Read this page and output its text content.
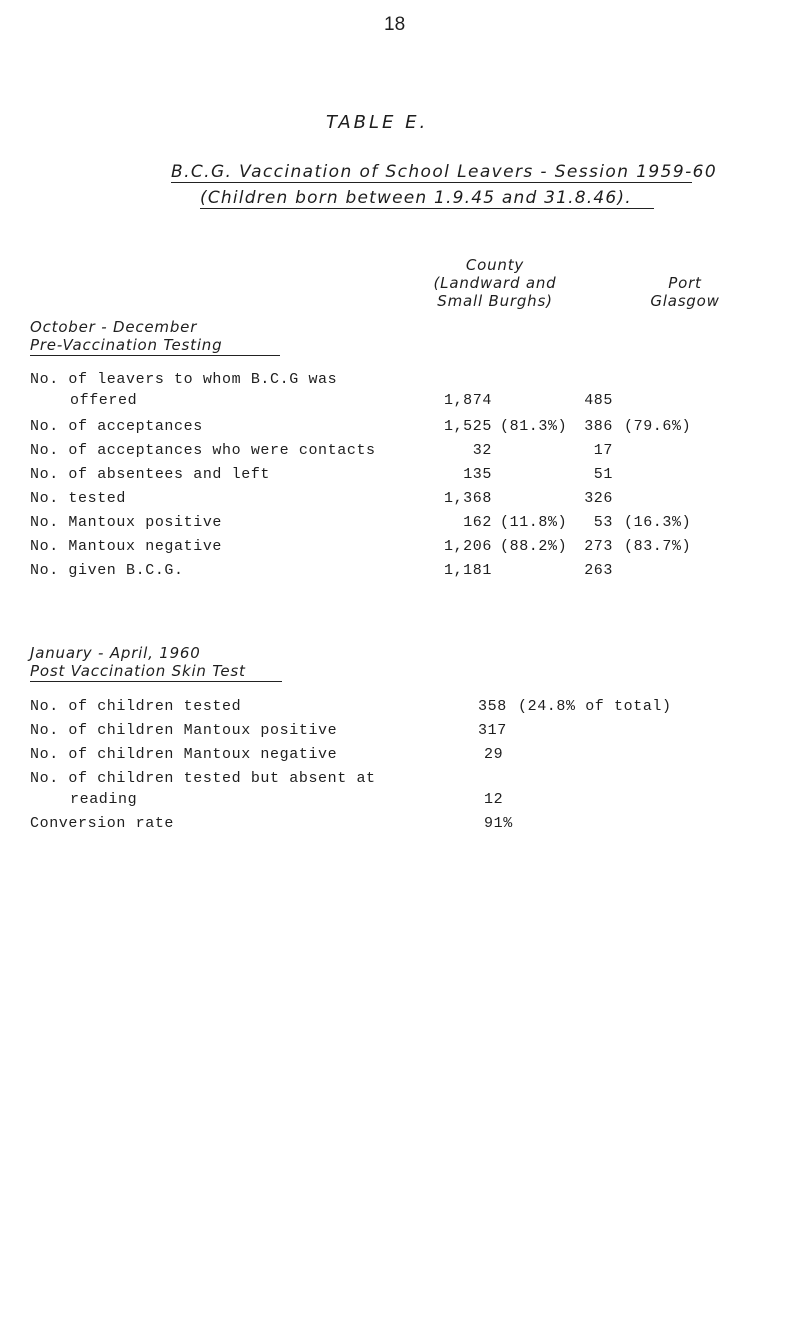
18
TABLE E.
B.C.G. Vaccination of School Leavers - Session 1959-60
(Children born between 1.9.45 and 31.8.46).
County
(Landward and
Small Burghs)
Port
Glasgow
October - December
Pre-Vaccination Testing
No. of leavers to whom B.C.G was
offered	1,874	485
No. of acceptances	1,525 (81.3%) 386 (79.6%)
No. of acceptances who were contacts	32	17
No. of absentees and left	135	51
No. tested	1,368	326
No. Mantoux positive	162 (11.8%) 53 (16.3%)
No. Mantoux negative	1,206 (88.2%) 273 (83.7%)
No. given B.C.G.	1,181	263
January - April, 1960
Post Vaccination Skin Test
No. of children tested	358 (24.8% of total)
No. of children Mantoux positive	317
No. of children Mantoux negative	29
No. of children tested but absent at
reading	12
Conversion rate	91%
